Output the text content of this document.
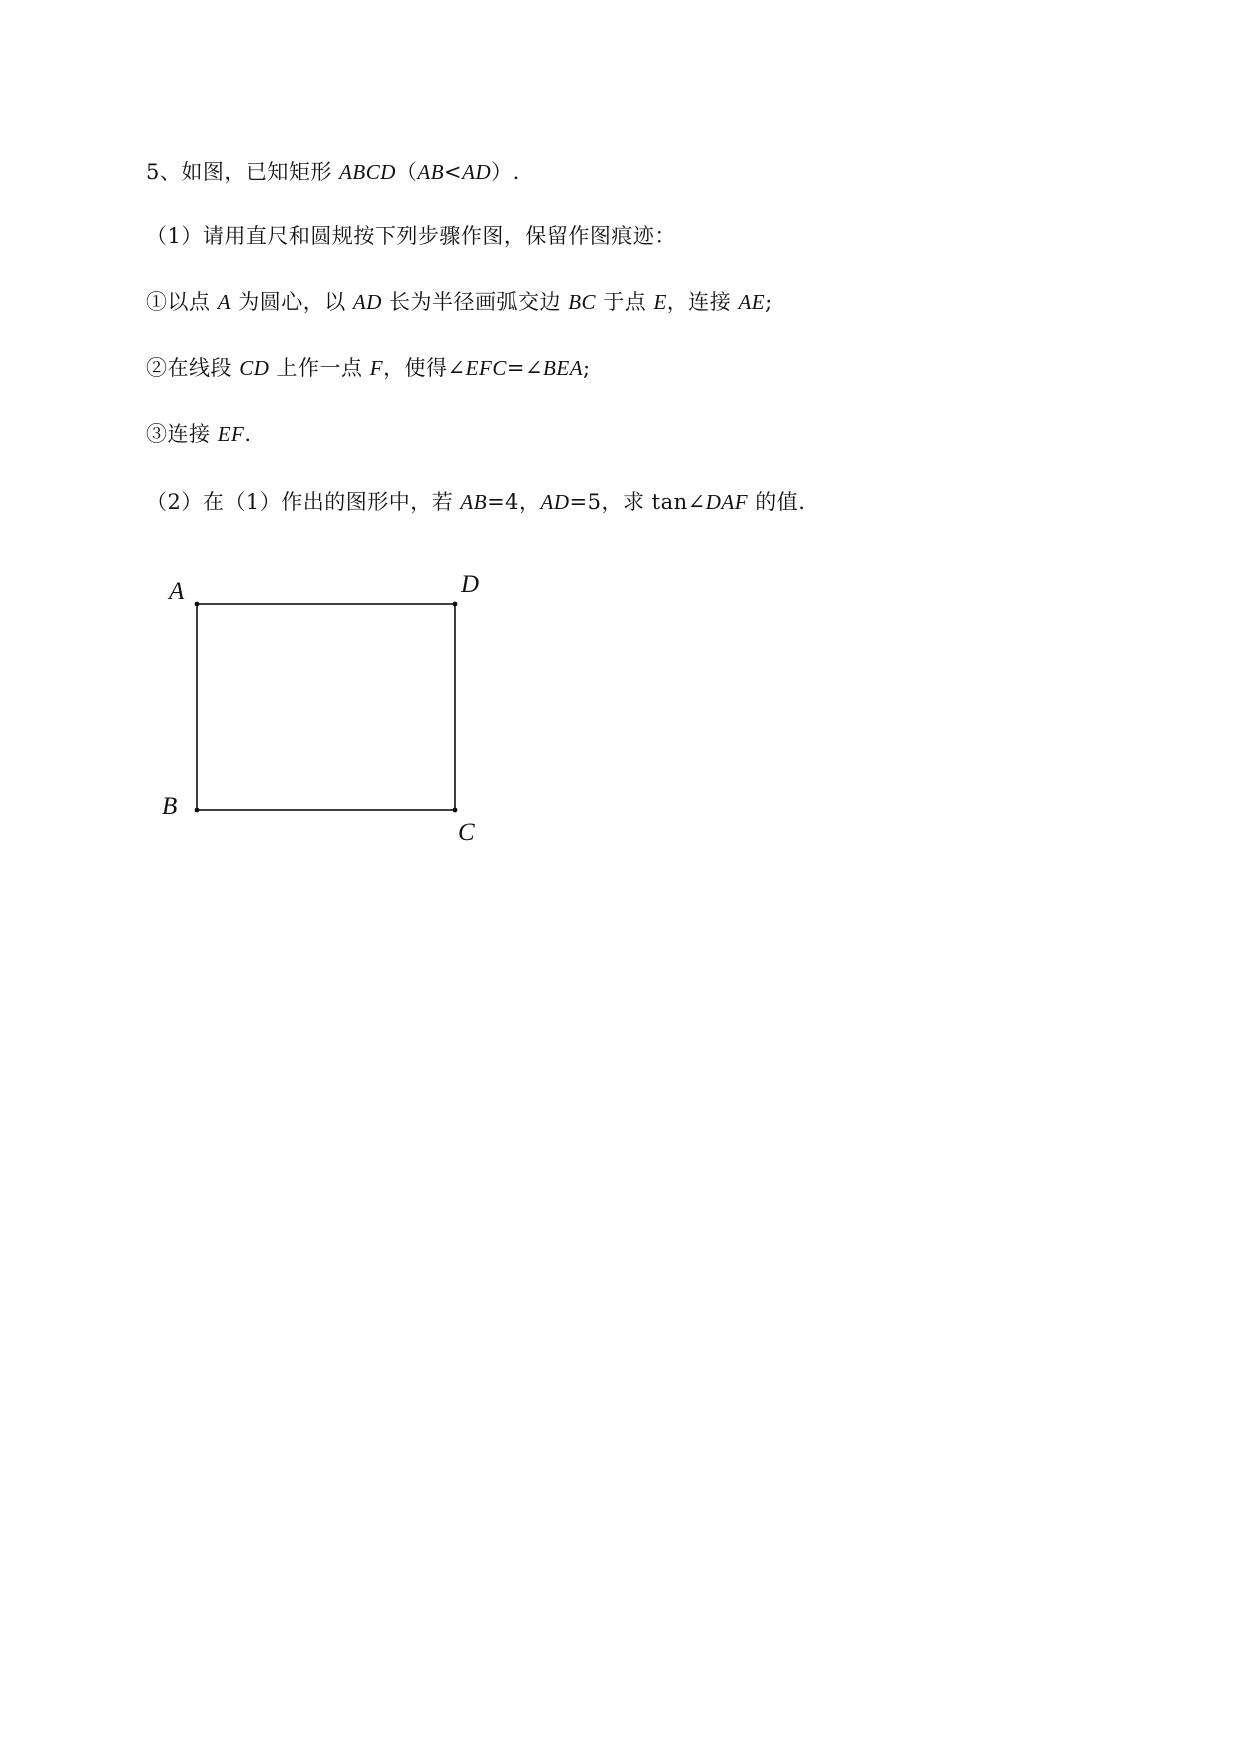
5、如图，已知矩形 ABCD（AB<AD）.
（1）请用直尺和圆规按下列步骤作图，保留作图痕迹：
①以点 A 为圆心，以 AD 长为半径画弧交边 BC 于点 E，连接 AE;
②在线段 CD 上作一点 F，使得∠EFC=∠BEA;
③连接 EF.
（2）在（1）作出的图形中，若 AB=4，AD=5，求 tan∠DAF 的值.
A	D
B
C
